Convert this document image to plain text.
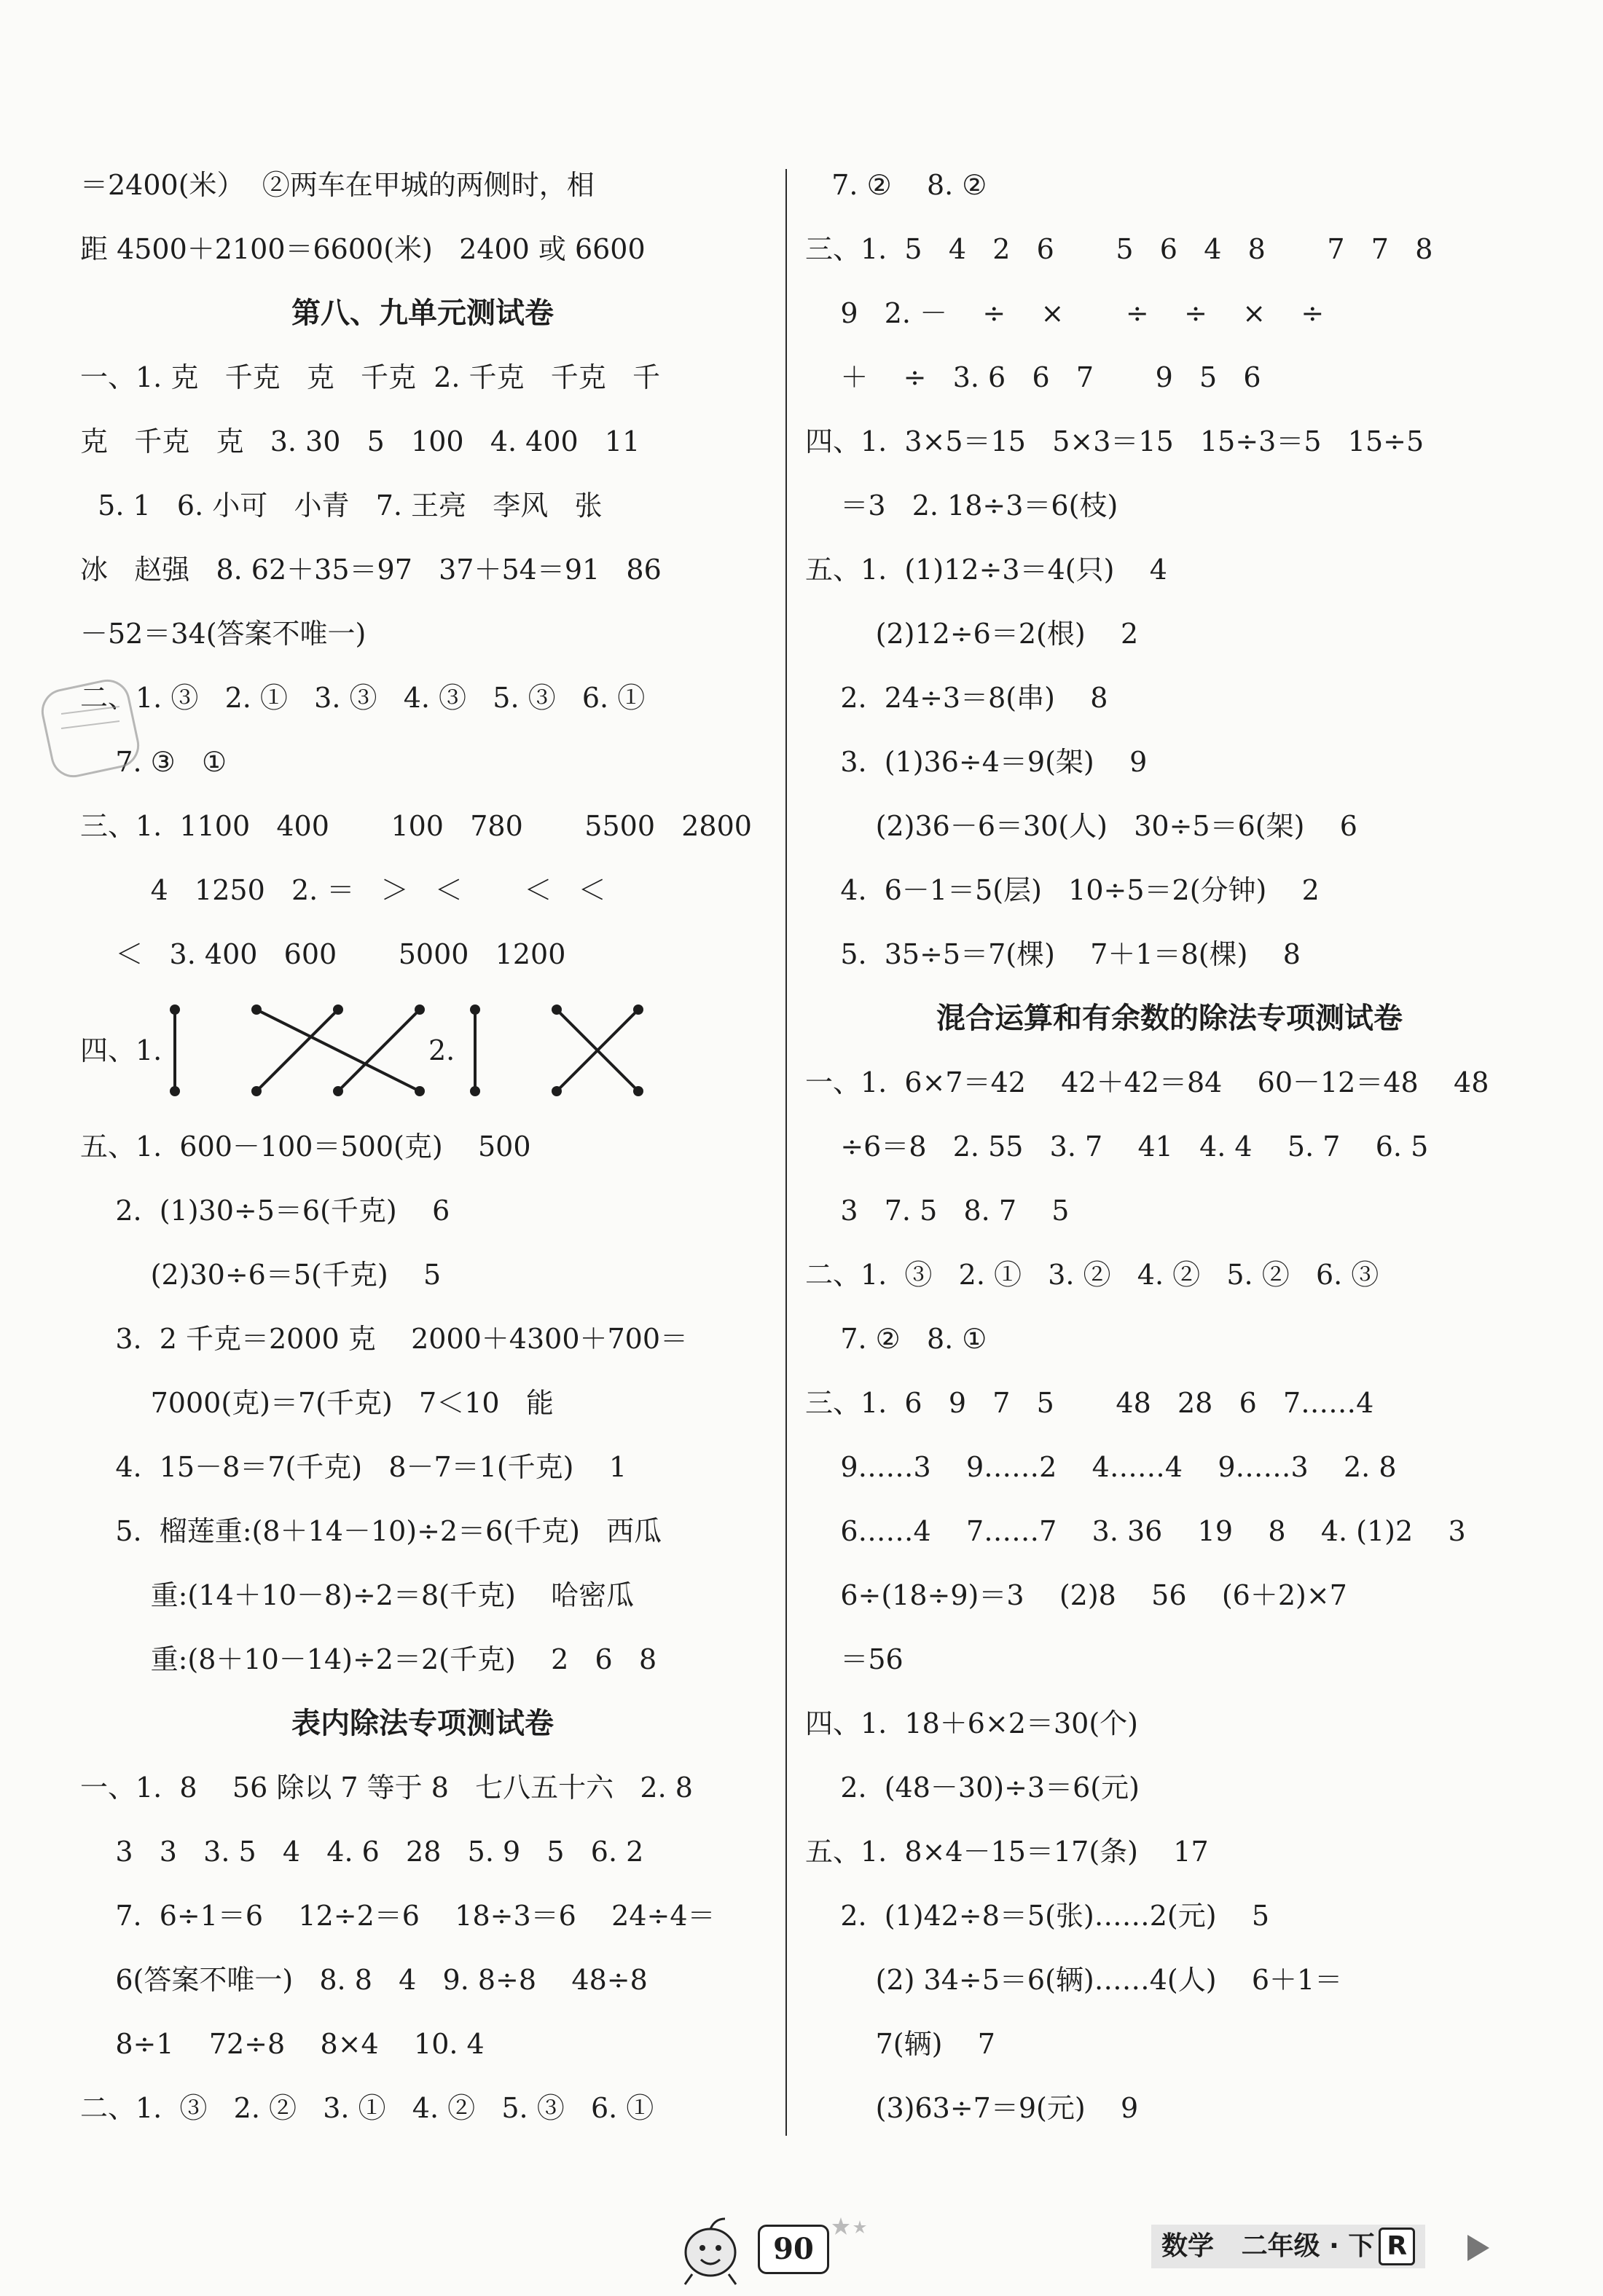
＝2400(米）  ②两车在甲城的两侧时，相
距 4500＋2100＝6600(米)   2400 或 6600
第八、九单元测试卷
一、1. 克   千克   克   千克  2. 千克   千克   千
克   千克   克   3. 30   5   100   4. 400   11
5. 1   6. 小可   小青   7. 王亮   李风   张
冰   赵强   8. 62＋35＝97   37＋54＝91   86
－52＝34(答案不唯一)
二、1. ③   2. ①   3. ③   4. ③   5. ③   6. ①
7. ③   ①
三、1.  1100   400       100   780       5500   2800
4   1250   2. ＝   ＞   ＜       ＜   ＜
＜   3. 400   600       5000   1200
四、1.	2.
五、1.  600－100＝500(克)    500
2.  (1)30÷5＝6(千克)    6
(2)30÷6＝5(千克)    5
3.  2 千克＝2000 克    2000＋4300＋700＝
7000(克)＝7(千克)   7＜10   能
4.  15－8＝7(千克)   8－7＝1(千克)    1
5.  榴莲重:(8＋14－10)÷2＝6(千克)   西瓜
重:(14＋10－8)÷2＝8(千克)    哈密瓜
重:(8＋10－14)÷2＝2(千克)    2   6   8
表内除法专项测试卷
一、1.  8    56 除以 7 等于 8   七八五十六   2. 8
3   3   3. 5   4   4. 6   28   5. 9   5   6. 2
7.  6÷1＝6    12÷2＝6    18÷3＝6    24÷4＝
6(答案不唯一)   8. 8   4   9. 8÷8    48÷8
8÷1    72÷8    8×4    10. 4
二、1.  ③   2. ②   3. ①   4. ②   5. ③   6. ①
7. ②    8. ②
三、1.  5   4   2   6       5   6   4   8       7   7   8
9   2. －    ÷    ×       ÷    ÷    ×    ÷
＋    ÷   3. 6   6   7       9   5   6
四、1.  3×5＝15   5×3＝15   15÷3＝5   15÷5
＝3   2. 18÷3＝6(枝)
五、1.  (1)12÷3＝4(只)    4
(2)12÷6＝2(根)    2
2.  24÷3＝8(串)    8
3.  (1)36÷4＝9(架)    9
(2)36－6＝30(人)   30÷5＝6(架)    6
4.  6－1＝5(层)   10÷5＝2(分钟)    2
5.  35÷5＝7(棵)    7＋1＝8(棵)    8
混合运算和有余数的除法专项测试卷
一、1.  6×7＝42    42＋42＝84    60－12＝48    48
÷6＝8   2. 55   3. 7    41   4. 4    5. 7    6. 5
3   7. 5   8. 7    5
二、1.  ③   2. ①   3. ②   4. ②   5. ②   6. ③
7. ②   8. ①
三、1.  6   9   7   5       48   28   6   7……4
9……3    9……2    4……4    9……3    2. 8
6……4    7……7    3. 36    19    8    4. (1)2    3
6÷(18÷9)＝3    (2)8    56    (6＋2)×7
＝56
四、1.  18＋6×2＝30(个)
2.  (48－30)÷3＝6(元)
五、1.  8×4－15＝17(条)    17
2.  (1)42÷8＝5(张)……2(元)    5
(2) 34÷5＝6(辆)……4(人)    6＋1＝
7(辆)    7
(3)63÷7＝9(元)    9
90	数学 二年级 · 下 R
